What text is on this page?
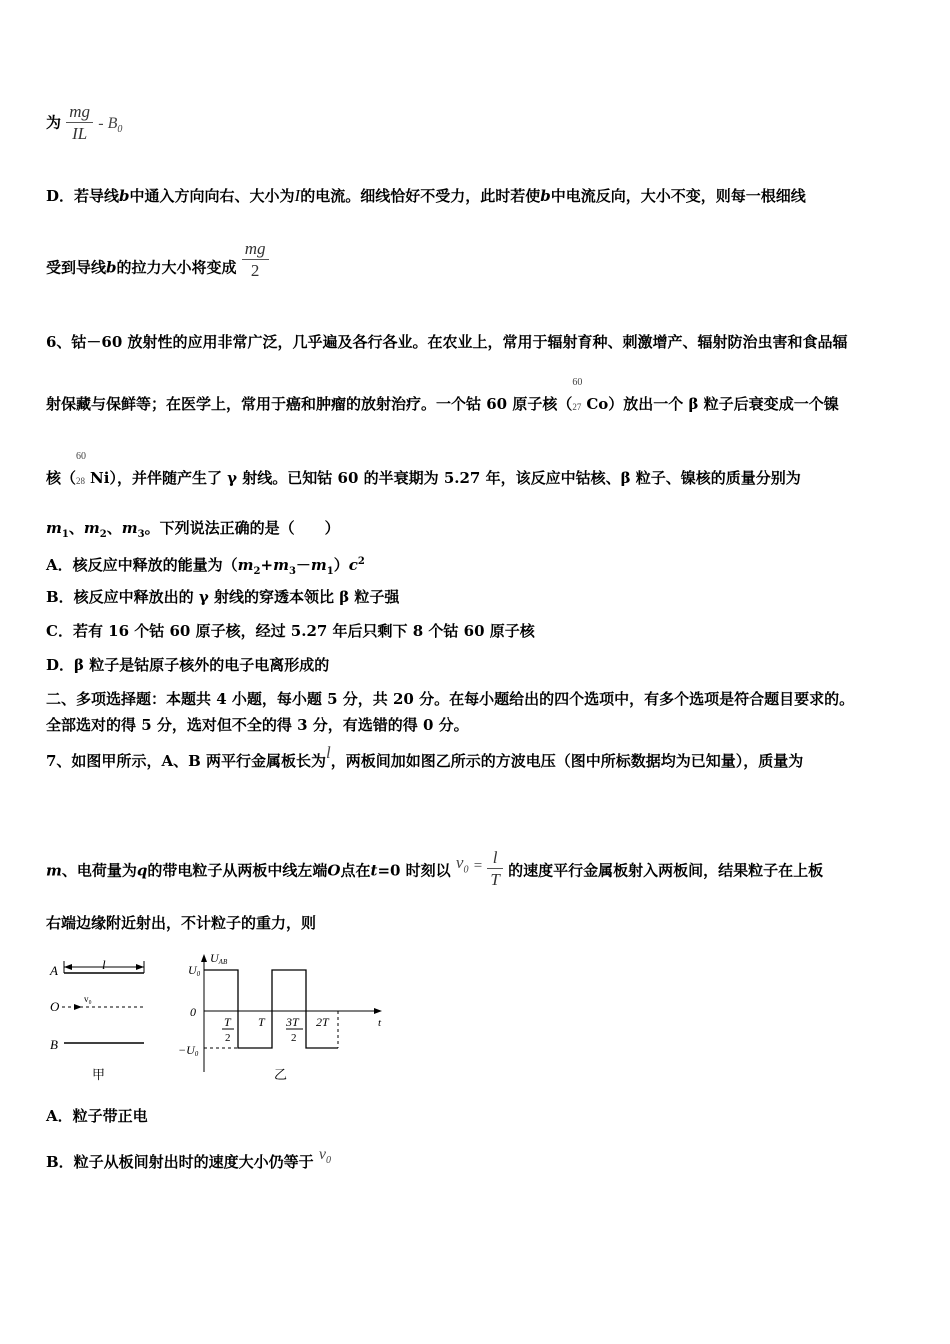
为 $\frac{mg}{IL} - B_0$
D．若导线b中通入方向向右、大小为I的电流。细线恰好不受力，此时若使b中电流反向，大小不变，则每一根细线
受到导线b的拉力大小将变成 $\frac{mg}{2}$
6、钴－60 放射性的应用非常广泛，几乎遍及各行各业。在农业上，常用于辐射育种、刺激增产、辐射防治虫害和食品辐
射保藏与保鲜等；在医学上，常用于癌和肿瘤的放射治疗。一个钴 60 原子核（
60
27 Co）放出一个 β 粒子后衰变成一个镍
核（
60
28 Ni），并伴随产生了 γ 射线。已知钴 60 的半衰期为 5.27 年，该反应中钴核、β 粒子、镍核的质量分别为
$m_1$、$m_2$、$m_3$。下列说法正确的是（　　）
A．核反应中释放的能量为$(m_2+m_3-m_1)c^2$
B．核反应中释放出的 γ 射线的穿透本领比 β 粒子强
C．若有 16 个钴 60 原子核，经过 5.27 年后只剩下 8 个钴 60 原子核
D．β 粒子是钴原子核外的电子电离形成的
二、多项选择题：本题共 4 小题，每小题 5 分，共 20 分。在每小题给出的四个选项中，有多个选项是符合题目要求的。
全部选对的得 5 分，选对但不全的得 3 分，有选错的得 0 分。
7、如图甲所示，A、B 两平行金属板长为l，两板间加如图乙所示的方波电压（图中所标数据均为已知量），质量为
m、电荷量为q的带电粒子从两板中线左端O点在t=0 时刻以 $v_0 = \frac{l}{T}$ 的速度平行金属板射入两板间，结果粒子在上板
右端边缘附近射出，不计粒子的重力，则
A	l
O	v₀
B
甲
UAB
t
U0
0
−U0
T
2
T 3T
2
2T
乙
A．粒子带正电
B．粒子从板间射出时的速度大小仍等于 $v_0$
